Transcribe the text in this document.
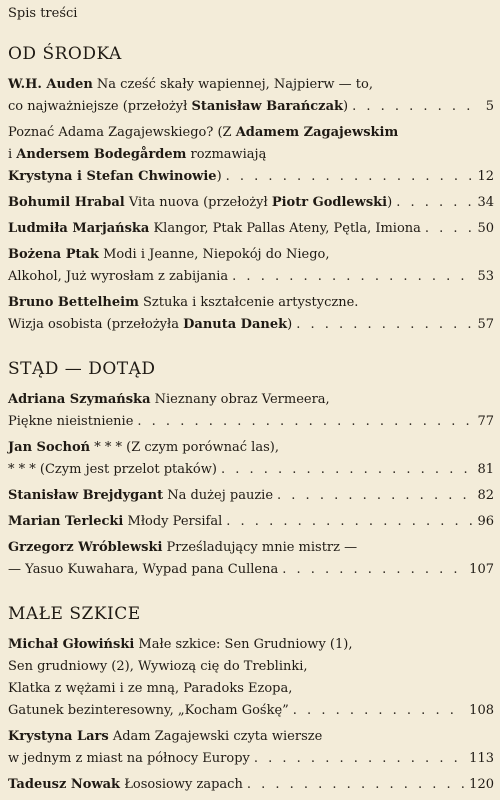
Spis treści
OD ŚRODKA
W.H. Auden Na cześć skały wapiennej, Najpierw — to,
co najważniejsze (przełożył Stanisław Barańczak) . . .	5
Poznać Adama Zagajewskiego? (Z Adamem Zagajewskim
i Andersem Bodegårdem rozmawiają
Krystyna i Stefan Chwinowie) . . .	12
Bohumil Hrabal Vita nuova (przełożył Piotr Godlewski) . . .	34
Ludmiła Marjańska Klangor, Ptak Pallas Ateny, Pętla, Imiona . . .	50
Bożena Ptak Modi i Jeanne, Niepokój do Niego,
Alkohol, Już wyrosłam z zabijania . . .	53
Bruno Bettelheim Sztuka i kształcenie artystyczne.
Wizja osobista (przełożyła Danuta Danek) . . .	57
STĄD — DOTĄD
Adriana Szymańska Nieznany obraz Vermeera,
Piękne nieistnienie . . .	77
Jan Sochoń * * * (Z czym porównać las),
* * * (Czym jest przelot ptaków) . . .	81
Stanisław Brejdygant Na dużej pauzie . . .	82
Marian Terlecki Młody Persifal . . .	96
Grzegorz Wróblewski Prześladujący mnie mistrz —
— Yasuo Kuwahara, Wypad pana Cullena . . .	107
MAŁE SZKICE
Michał Głowiński Małe szkice: Sen Grudniowy (1),
Sen grudniowy (2), Wywiozą cię do Treblinki,
Klatka z wężami i ze mną, Paradoks Ezopa,
Gatunek bezinteresowny, „Kocham Gośkę” . . .	108
Krystyna Lars Adam Zagajewski czyta wiersze
w jednym z miast na północy Europy . . .	113
Tadeusz Nowak Łososiowy zapach . . .	120
